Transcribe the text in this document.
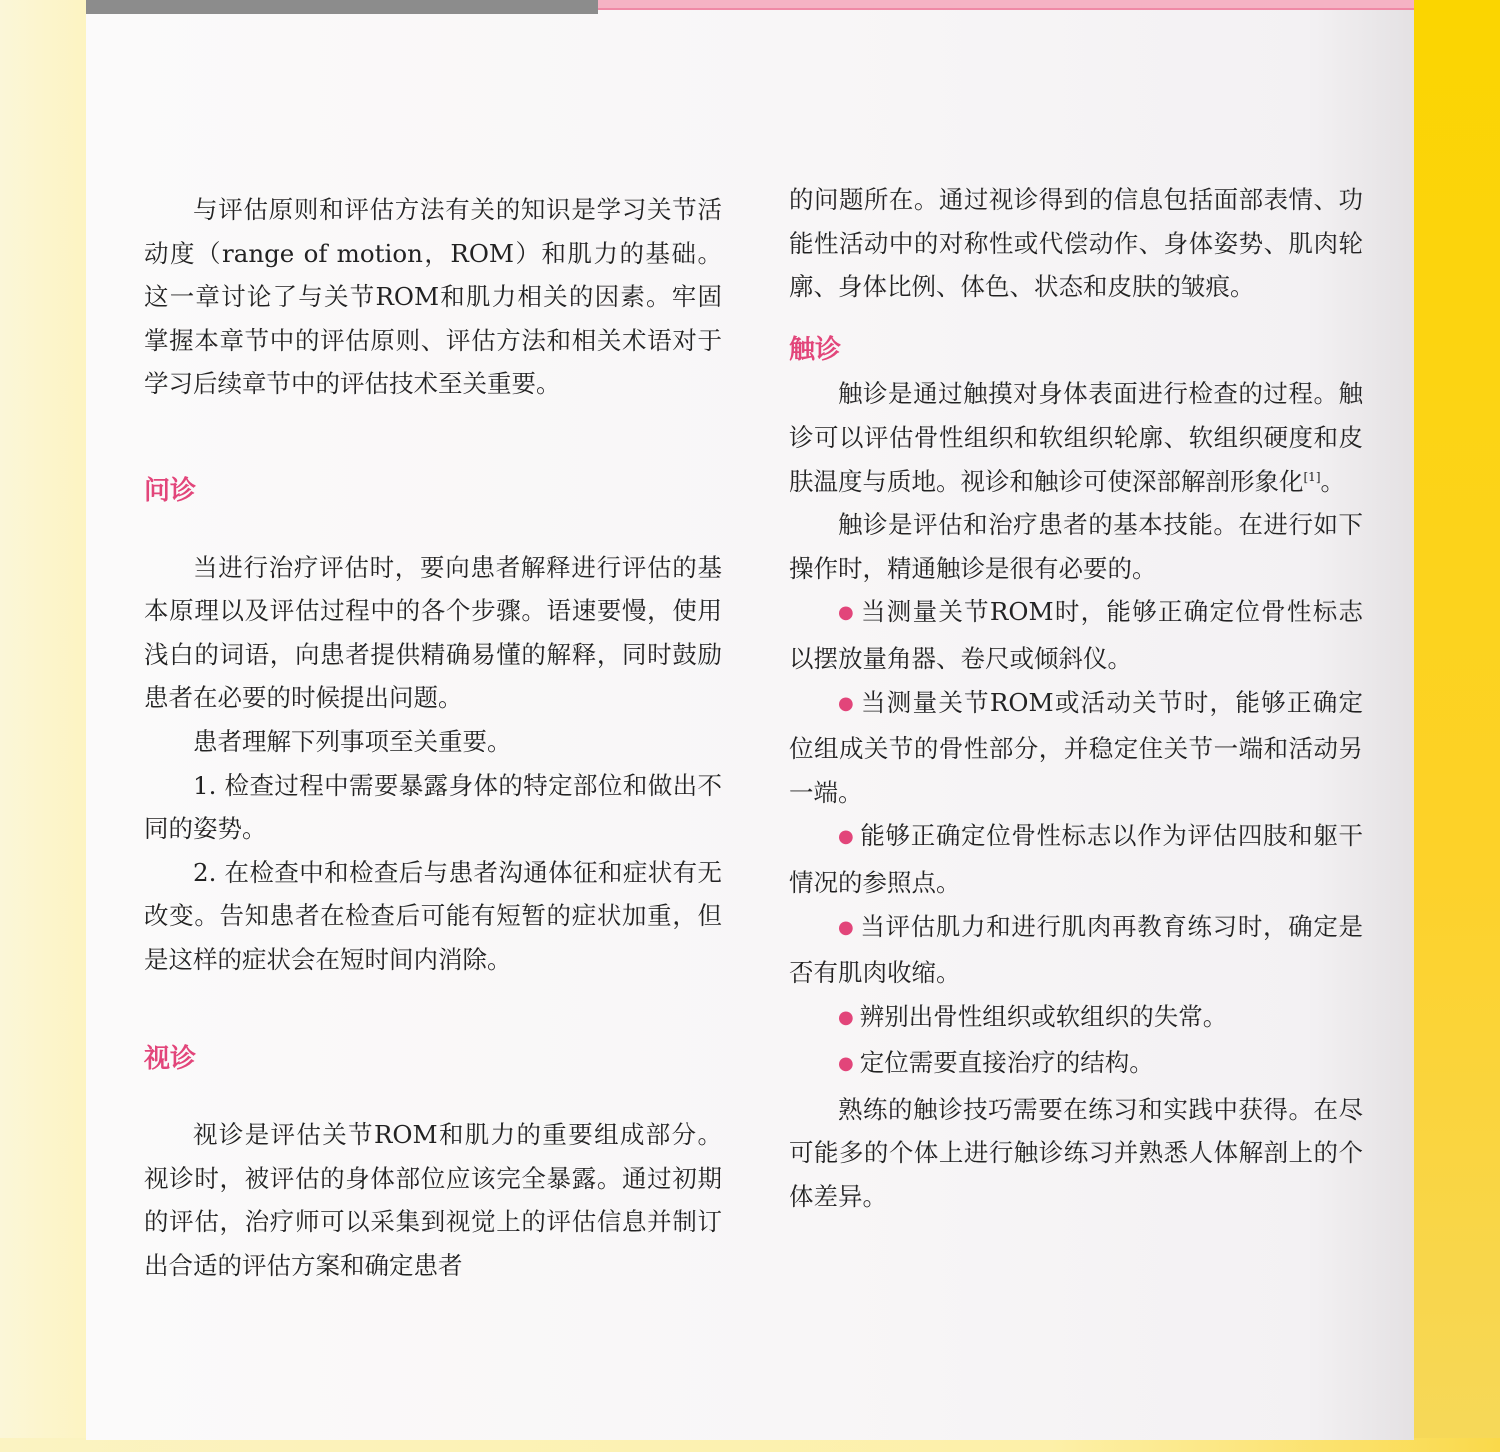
与评估原则和评估方法有关的知识是学习关节活动度（range of motion，ROM）和肌力的基础。这一章讨论了与关节ROM和肌力相关的因素。牢固掌握本章节中的评估原则、评估方法和相关术语对于学习后续章节中的评估技术至关重要。

问诊

当进行治疗评估时，要向患者解释进行评估的基本原理以及评估过程中的各个步骤。语速要慢，使用浅白的词语，向患者提供精确易懂的解释，同时鼓励患者在必要的时候提出问题。

患者理解下列事项至关重要。

1. 检查过程中需要暴露身体的特定部位和做出不同的姿势。

2. 在检查中和检查后与患者沟通体征和症状有无改变。告知患者在检查后可能有短暂的症状加重，但是这样的症状会在短时间内消除。

视诊

视诊是评估关节ROM和肌力的重要组成部分。视诊时，被评估的身体部位应该完全暴露。通过初期的评估，治疗师可以采集到视觉上的评估信息并制订出合适的评估方案和确定患者

的问题所在。通过视诊得到的信息包括面部表情、功能性活动中的对称性或代偿动作、身体姿势、肌肉轮廓、身体比例、体色、状态和皮肤的皱痕。

触诊

触诊是通过触摸对身体表面进行检查的过程。触诊可以评估骨性组织和软组织轮廓、软组织硬度和皮肤温度与质地。视诊和触诊可使深部解剖形象化[1]。

触诊是评估和治疗患者的基本技能。在进行如下操作时，精通触诊是很有必要的。

● 当测量关节ROM时，能够正确定位骨性标志以摆放量角器、卷尺或倾斜仪。

● 当测量关节ROM或活动关节时，能够正确定位组成关节的骨性部分，并稳定住关节一端和活动另一端。

● 能够正确定位骨性标志以作为评估四肢和躯干情况的参照点。

● 当评估肌力和进行肌肉再教育练习时，确定是否有肌肉收缩。

● 辨别出骨性组织或软组织的失常。

● 定位需要直接治疗的结构。

熟练的触诊技巧需要在练习和实践中获得。在尽可能多的个体上进行触诊练习并熟悉人体解剖上的个体差异。
